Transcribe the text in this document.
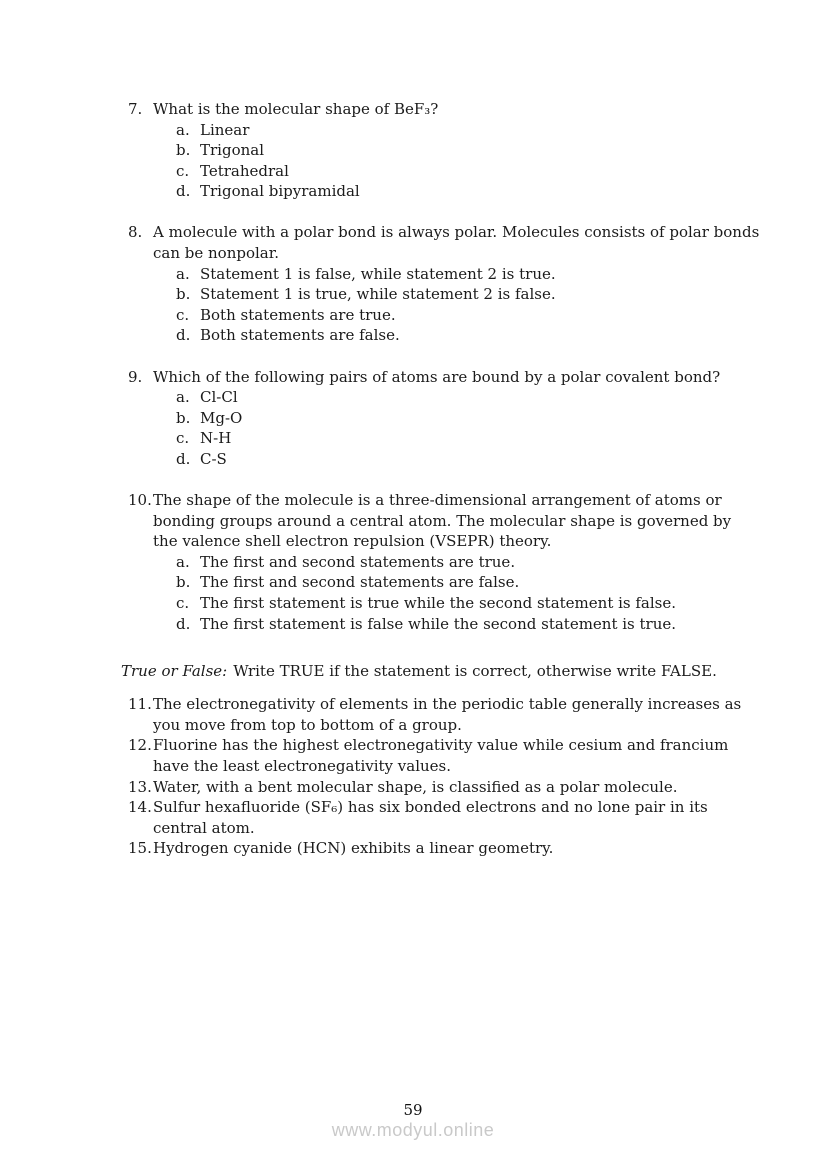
7. What is the molecular shape of BeF₃?
a. Linear
b. Trigonal
c. Tetrahedral
d. Trigonal bipyramidal
8. A molecule with a polar bond is always polar. Molecules consists of polar bonds
can be nonpolar.
a. Statement 1 is false, while statement 2 is true.
b. Statement 1 is true, while statement 2 is false.
c. Both statements are true.
d. Both statements are false.
9. Which of the following pairs of atoms are bound by a polar covalent bond?
a. Cl-Cl
b. Mg-O
c. N-H
d. C-S
10. The shape of the molecule is a three-dimensional arrangement of atoms or
bonding groups around a central atom. The molecular shape is governed by
the valence shell electron repulsion (VSEPR) theory.
a. The first and second statements are true.
b. The first and second statements are false.
c. The first statement is true while the second statement is false.
d. The first statement is false while the second statement is true.
True or False: Write TRUE if the statement is correct, otherwise write FALSE.
11. The electronegativity of elements in the periodic table generally increases as
you move from top to bottom of a group.
12. Fluorine has the highest electronegativity value while cesium and francium
have the least electronegativity values.
13. Water, with a bent molecular shape, is classified as a polar molecule.
14. Sulfur hexafluoride (SF₆) has six bonded electrons and no lone pair in its
central atom.
15. Hydrogen cyanide (HCN) exhibits a linear geometry.
59
www.modyul.online
